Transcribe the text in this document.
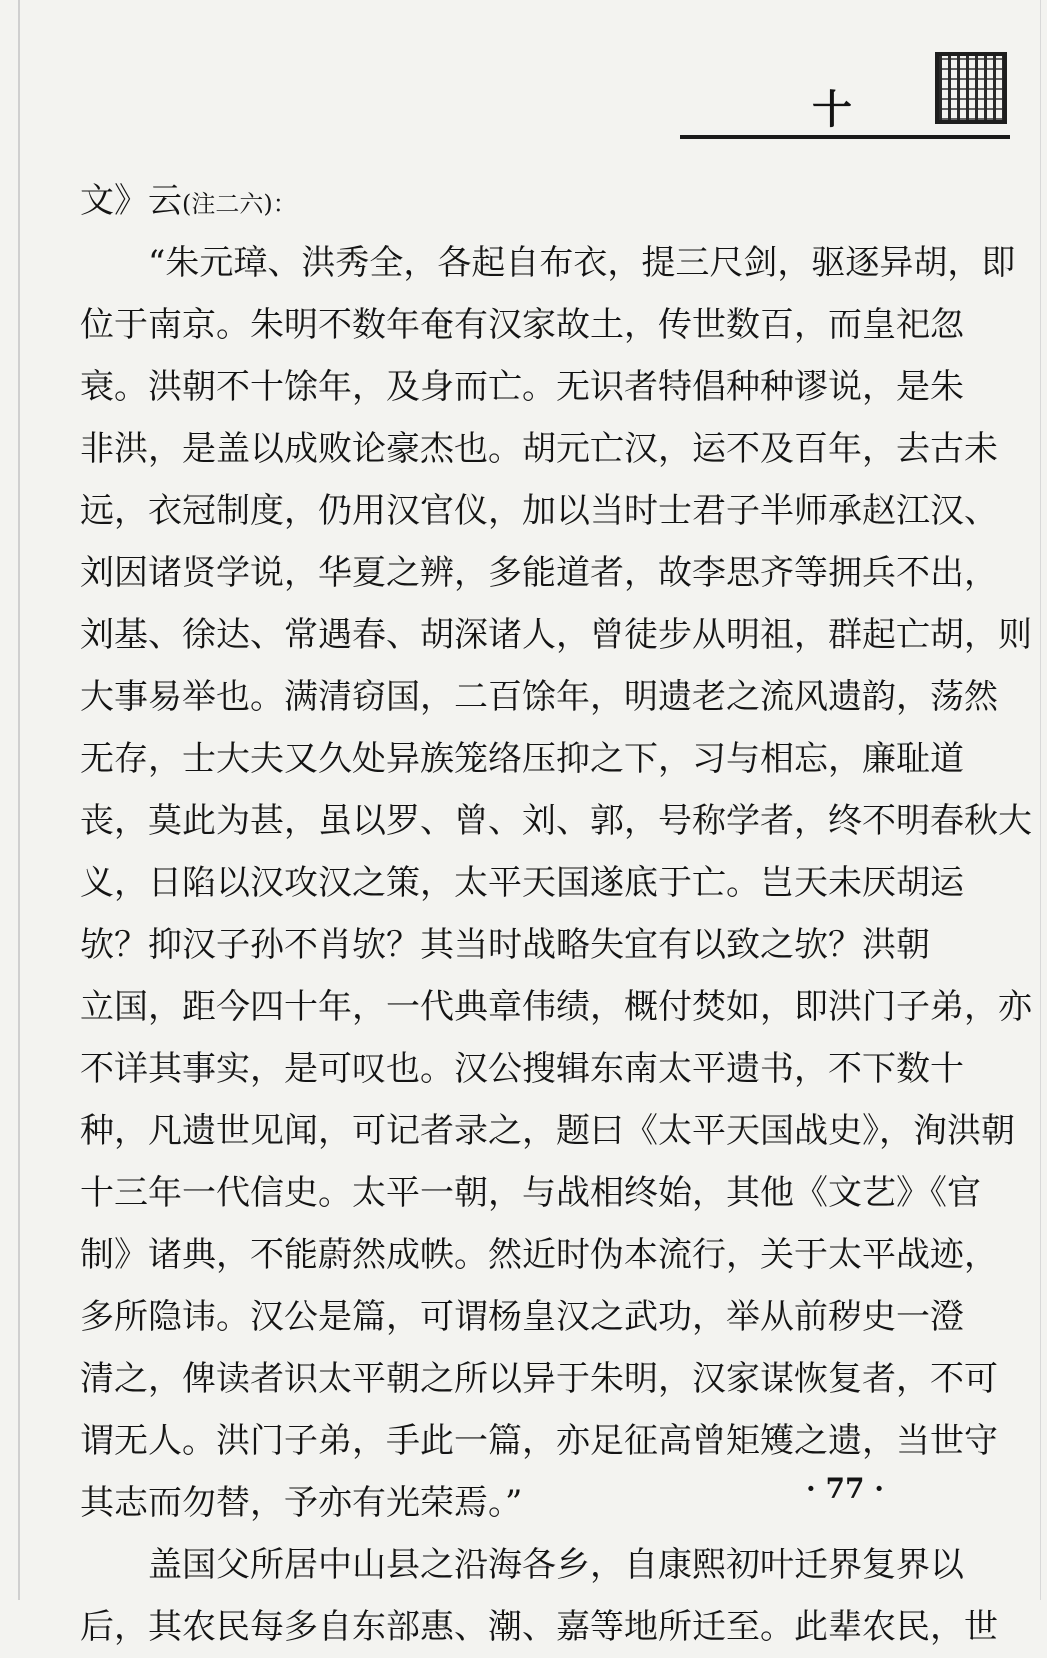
十
文》云(注二六)：
“朱元璋、洪秀全，各起自布衣，提三尺剑，驱逐异胡，即
位于南京。朱明不数年奄有汉家故土，传世数百，而皇祀忽
衰。洪朝不十馀年，及身而亡。无识者特倡种种谬说，是朱
非洪，是盖以成败论豪杰也。胡元亡汉，运不及百年，去古未
远，衣冠制度，仍用汉官仪，加以当时士君子半师承赵江汉、
刘因诸贤学说，华夏之辨，多能道者，故李思齐等拥兵不出，
刘基、徐达、常遇春、胡深诸人，曾徒步从明祖，群起亡胡，则
大事易举也。满清窃国，二百馀年，明遗老之流风遗韵，荡然
无存，士大夫又久处异族笼络压抑之下，习与相忘，廉耻道
丧，莫此为甚，虽以罗、曾、刘、郭，号称学者，终不明春秋大
义，日陷以汉攻汉之策，太平天国遂底于亡。岂天未厌胡运
欤？抑汉子孙不肖欤？其当时战略失宜有以致之欤？洪朝
立国，距今四十年，一代典章伟绩，概付焚如，即洪门子弟，亦
不详其事实，是可叹也。汉公搜辑东南太平遗书，不下数十
种，凡遗世见闻，可记者录之，题曰《太平天国战史》，洵洪朝
十三年一代信史。太平一朝，与战相终始，其他《文艺》《官
制》诸典，不能蔚然成帙。然近时伪本流行，关于太平战迹，
多所隐讳。汉公是篇，可谓杨皇汉之武功，举从前秽史一澄
清之，俾读者识太平朝之所以异于朱明，汉家谋恢复者，不可
谓无人。洪门子弟，手此一篇，亦足征高曾矩矱之遗，当世守
其志而勿替，予亦有光荣焉。”
盖国父所居中山县之沿海各乡，自康熙初叶迁界复界以
后，其农民每多自东部惠、潮、嘉等地所迁至。此辈农民，世
· 77 ·
